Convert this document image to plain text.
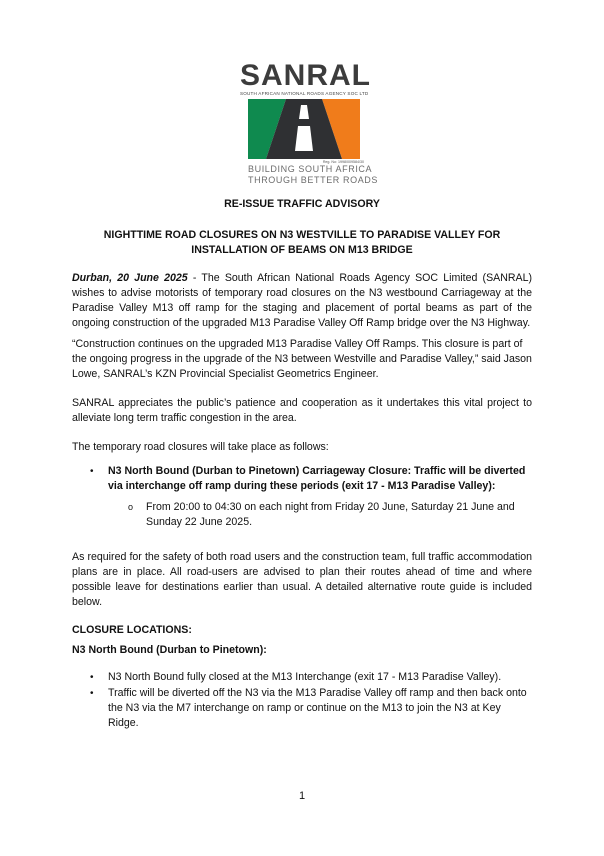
SANRAL
SOUTH AFRICAN NATIONAL ROADS AGENCY SOC LTD
Reg. No: 1998/009584/30
BUILDING SOUTH AFRICA
THROUGH BETTER ROADS
RE-ISSUE TRAFFIC ADVISORY
NIGHTTIME ROAD CLOSURES ON N3 WESTVILLE TO PARADISE VALLEY FOR INSTALLATION OF BEAMS ON M13 BRIDGE
Durban, 20 June 2025 - The South African National Roads Agency SOC Limited (SANRAL) wishes to advise motorists of temporary road closures on the N3 westbound Carriageway at the Paradise Valley M13 off ramp for the staging and placement of portal beams as part of the ongoing construction of the upgraded M13 Paradise Valley Off Ramp bridge over the N3 Highway.
“Construction continues on the upgraded M13 Paradise Valley Off Ramps. This closure is part of the ongoing progress in the upgrade of the N3 between Westville and Paradise Valley,” said Jason Lowe, SANRAL’s KZN Provincial Specialist Geometrics Engineer.
SANRAL appreciates the public’s patience and cooperation as it undertakes this vital project to alleviate long term traffic congestion in the area.
The temporary road closures will take place as follows:
• N3 North Bound (Durban to Pinetown) Carriageway Closure: Traffic will be diverted via interchange off ramp during these periods (exit 17 - M13 Paradise Valley):
o From 20:00 to 04:30 on each night from Friday 20 June, Saturday 21 June and Sunday 22 June 2025.
As required for the safety of both road users and the construction team, full traffic accommodation plans are in place. All road-users are advised to plan their routes ahead of time and where possible leave for destinations earlier than usual. A detailed alternative route guide is included below.
CLOSURE LOCATIONS:
N3 North Bound (Durban to Pinetown):
• N3 North Bound fully closed at the M13 Interchange (exit 17 - M13 Paradise Valley).
• Traffic will be diverted off the N3 via the M13 Paradise Valley off ramp and then back onto the N3 via the M7 interchange on ramp or continue on the M13 to join the N3 at Key Ridge.
1
